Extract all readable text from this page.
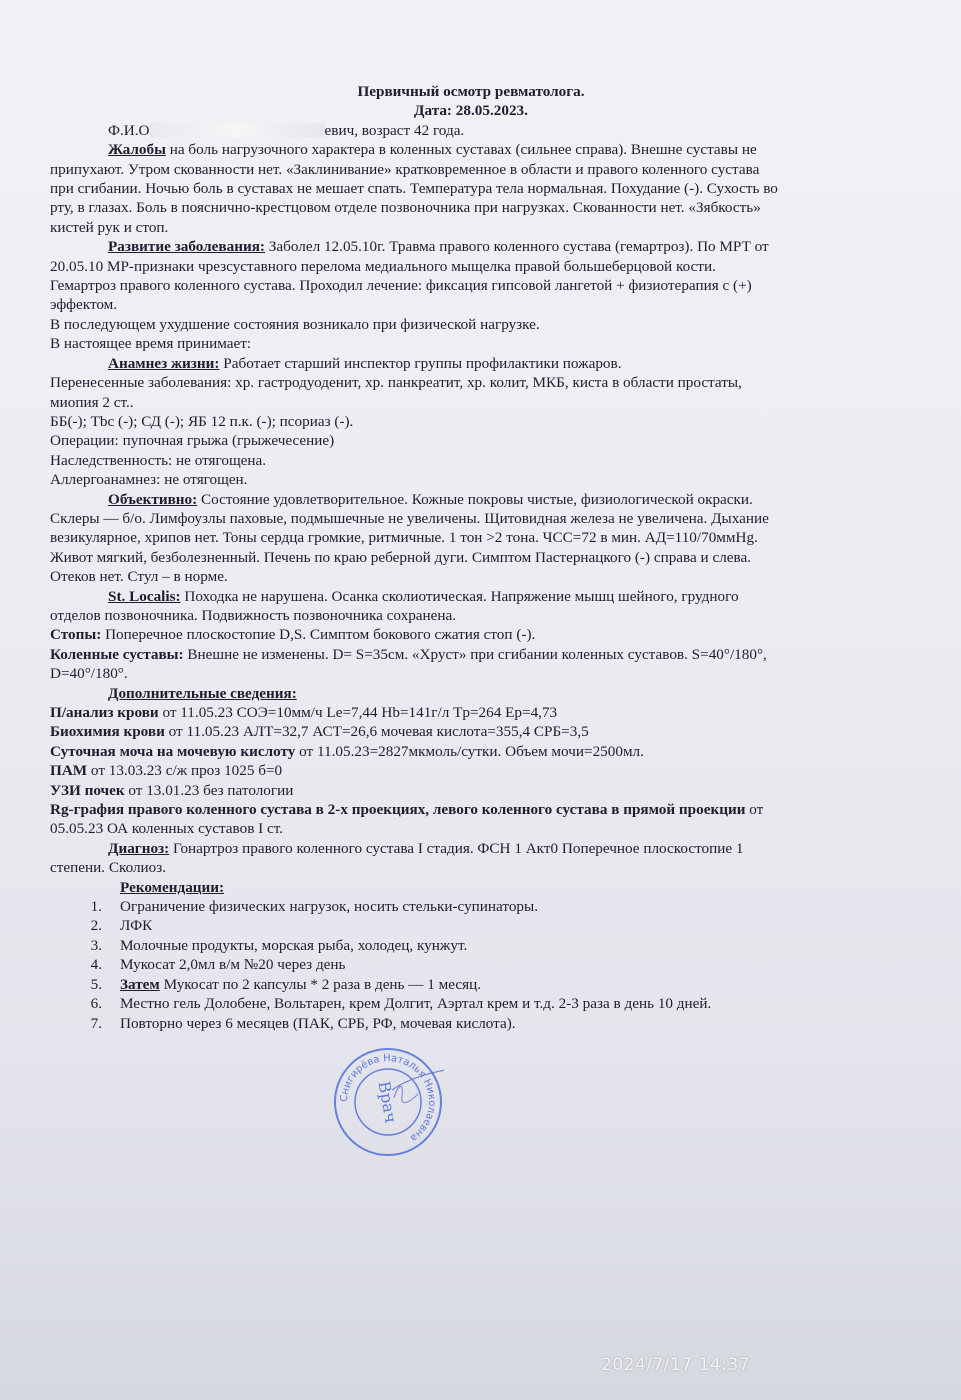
Первичный осмотр ревматолога.

Дата: 28.05.2023.

Ф.И.О	евич, возраст 42 года.

Жалобы на боль нагрузочного характера в коленных суставах (сильнее справа). Внешне суставы не

припухают. Утром скованности нет. «Заклинивание» кратковременное в области и правого коленного сустава

при сгибании. Ночью боль в суставах не мешает спать. Температура тела нормальная. Похудание (-). Сухость во

рту, в глазах. Боль в пояснично-крестцовом отделе позвоночника при нагрузках. Скованности нет. «Зябкость»

кистей рук и стоп.

Развитие заболевания: Заболел 12.05.10г. Травма правого коленного сустава (гемартроз). По МРТ от

20.05.10 МР-признаки чрезсуставного перелома медиального мыщелка правой большеберцовой кости.

Гемартроз правого коленного сустава. Проходил лечение: фиксация гипсовой лангетой + физиотерапия с (+)

эффектом.

В последующем ухудшение состояния возникало при физической нагрузке.

В настоящее время принимает:

Анамнез жизни: Работает старший инспектор группы профилактики пожаров.

Перенесенные заболевания: хр. гастродуоденит, хр. панкреатит, хр. колит, МКБ, киста в области простаты,

миопия 2 ст..

ББ(-); Tbc (-); СД (-); ЯБ 12 п.к. (-); псориаз (-).

Операции: пупочная грыжа (грыжечесение)

Наследственность: не отягощена.

Аллергоанамнез: не отягощен.

Объективно: Состояние удовлетворительное. Кожные покровы чистые, физиологической окраски.

Склеры — б/о. Лимфоузлы паховые, подмышечные не увеличены. Щитовидная железа не увеличена. Дыхание

везикулярное, хрипов нет. Тоны сердца громкие, ритмичные. 1 тон >2 тона. ЧСС=72 в мин. АД=110/70ммHg.

Живот мягкий, безболезненный. Печень по краю реберной дуги. Симптом Пастернацкого (-) справа и слева.

Отеков нет. Стул – в норме.

St. Localis: Походка не нарушена. Осанка сколиотическая. Напряжение мышц шейного, грудного

отделов позвоночника. Подвижность позвоночника сохранена.

Стопы: Поперечное плоскостопие D,S. Симптом бокового сжатия стоп (-).

Коленные суставы: Внешне не изменены. D= S=35см. «Хруст» при сгибании коленных суставов. S=40°/180°,

D=40°/180°.

Дополнительные сведения:

П/анализ крови от 11.05.23 СОЭ=10мм/ч Le=7,44 Hb=141г/л Tp=264 Ep=4,73

Биохимия крови от 11.05.23 АЛТ=32,7 АСТ=26,6 мочевая кислота=355,4 СРБ=3,5

Суточная моча на мочевую кислоту от 11.05.23=2827мкмоль/сутки. Объем мочи=2500мл.

ПАМ от 13.03.23 с/ж проз 1025 б=0

УЗИ почек от 13.01.23 без патологии

Rg-графия правого коленного сустава в 2-х проекциях, левого коленного сустава в прямой проекции от

05.05.23 ОА коленных суставов I ст.

Диагноз: Гонартроз правого коленного сустава I стадия. ФСН 1 Акт0 Поперечное плоскостопие 1

степени. Сколиоз.

Рекомендации:

1.	Ограничение физических нагрузок, носить стельки-супинаторы.
2.	ЛФК
3.	Молочные продукты, морская рыба, холодец, кунжут.
4.	Мукосат 2,0мл в/м №20 через день
5.	Затем Мукосат по 2 капсулы * 2 раза в день — 1 месяц.
6.	Местно гель Долобене, Вольтарен, крем Долгит, Аэртал крем и т.д. 2-3 раза в день 10 дней.
7.	Повторно через 6 месяцев (ПАК, СРБ, РФ, мочевая кислота).
Снигирёва Наталья Николаевна
Врач
2024/7/17 14:37
